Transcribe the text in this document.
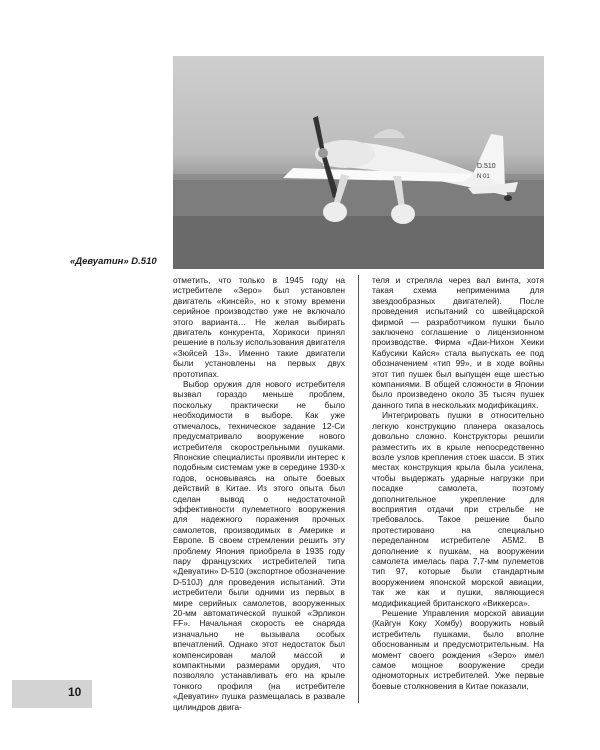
D.510
N 01
«Девуатин» D.510

отметить, что только в 1945 году на истребителе «Зеро» был установлен двигатель «Кинсей», но к этому времени серийное производство уже не включало этого варианта… Не желая выбирать двигатель конкурента, Хорикоси принял решение в пользу использования двигателя «Зюйсей 13». Именно такие двигатели были установлены на первых двух прототипах.

Выбор оружия для нового истребителя вызвал гораздо меньше проблем, поскольку практически не было необходимости в выборе. Как уже отмечалось, техническое задание 12-Си предусматривало вооружение нового истребителя скорострельными пушками. Японские специалисты проявили интерес к подобным системам уже в середине 1930-х годов, основываясь на опыте боевых действий в Китае. Из этого опыта был сделан вывод о недостаточной эффективности пулеметного вооружения для надежного поражения прочных самолетов, производимых в Америке и Европе. В своем стремлении решить эту проблему Япония приобрела в 1935 году пару французских истребителей типа «Девуатин» D-510 (экспортное обозначение D-510J) для проведения испытаний. Эти истребители были одними из первых в мире серийных самолетов, вооруженных 20-мм автоматической пушкой «Эрликон FF». Начальная скорость ее снаряда изначально не вызывала особых впечатлений. Однако этот недостаток был компенсирован малой массой и компактными размерами орудия, что позволяло устанавливать его на крыле тонкого профиля (на истребителе «Девуатин» пушка размещалась в развале цилиндров двига-

теля и стреляла через вал винта, хотя такая схема неприменима для звездообразных двигателей). После проведения испытаний со швейцарской фирмой — разработчиком пушки было заключено соглашение о лицензионном производстве. Фирма «Даи-Нихон Хеики Кабусики Кайся» стала выпускать ее под обозначением «тип 99», и в ходе войны этот тип пушек был выпущен еще шестью компаниями. В общей сложности в Японии было произведено около 35 тысяч пушек данного типа в нескольких модификациях.

Интегрировать пушки в относительно легкую конструкцию планера оказалось довольно сложно. Конструкторы решили разместить их в крыле непосредственно возле узлов крепления стоек шасси. В этих местах конструкция крыла была усилена, чтобы выдержать ударные нагрузки при посадке самолета, поэтому дополнительное укрепление для восприятия отдачи при стрельбе не требовалось. Такое решение было протестировано на специально переделанном истребителе A5M2. В дополнение к пушкам, на вооружении самолета имелась пара 7,7-мм пулеметов тип 97, которые были стандартным вооружением японской морской авиации, так же как и пушки, являющиеся модификацией британского «Виккерса».

Решение Управления морской авиации (Кайгун Коку Хомбу) вооружить новый истребитель пушками, было вполне обоснованным и предусмотрительным. На момент своего рождения «Зеро» имел самое мощное вооружение среди одномоторных истребителей. Уже первые боевые столкновения в Китае показали,

10
